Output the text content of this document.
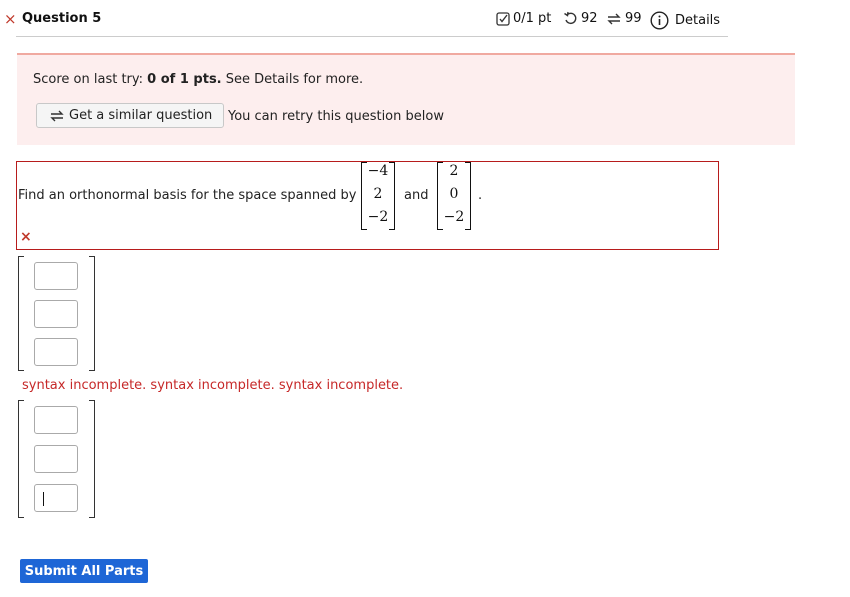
× Question 5	0/1 pt 92 99	Details
Score on last try: 0 of 1 pts. See Details for more.
Get a similar question You can retry this question below
Find an orthonormal basis for the space spanned by
−4
2
−2
and
2
0
−2
.
×
syntax incomplete. syntax incomplete. syntax incomplete.
Submit All Parts
